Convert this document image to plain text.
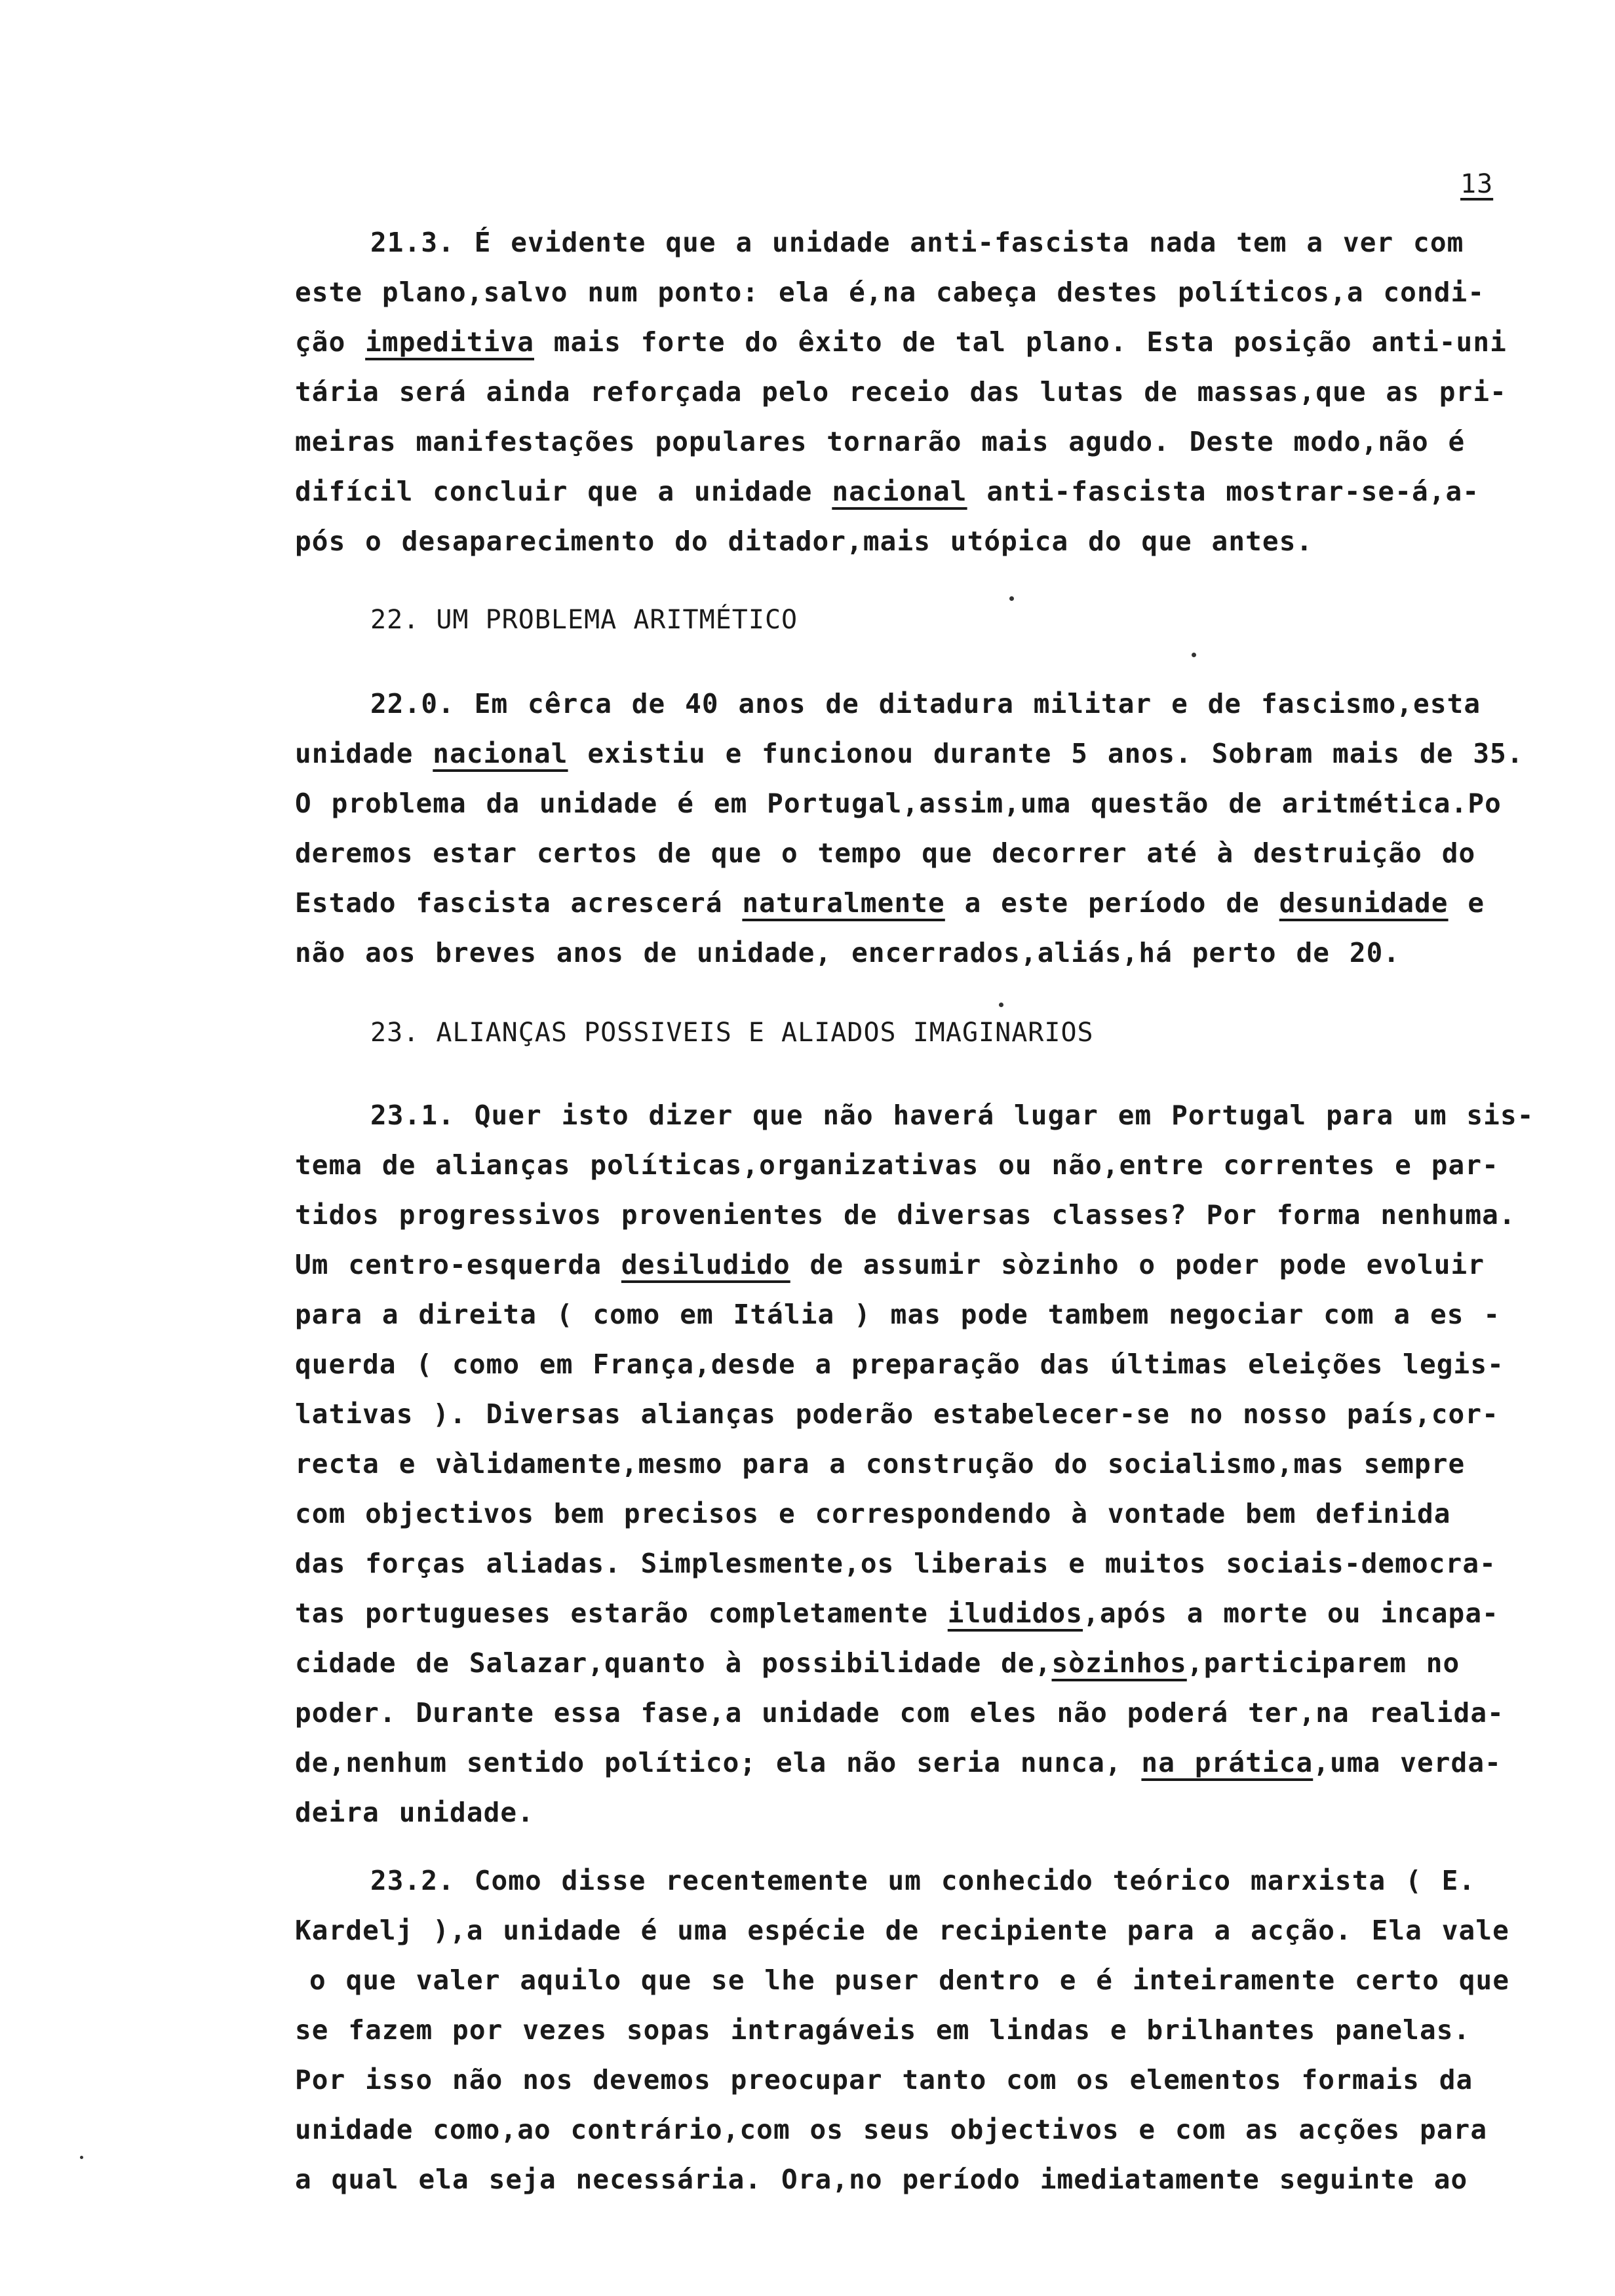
13
21.3. É evidente que a unidade anti-fascista nada tem a ver com
este plano,salvo num ponto: ela é,na cabeça destes políticos,a condi-
ção impeditiva mais forte do êxito de tal plano. Esta posição anti-uni
tária será ainda reforçada pelo receio das lutas de massas,que as pri-
meiras manifestações populares tornarão mais agudo. Deste modo,não é
difícil concluir que a unidade nacional anti-fascista mostrar-se-á,a-
pós o desaparecimento do ditador,mais utópica do que antes.
22. UM PROBLEMA ARITMÉTICO
22.0. Em cêrca de 40 anos de ditadura militar e de fascismo,esta
unidade nacional existiu e funcionou durante 5 anos. Sobram mais de 35.
O problema da unidade é em Portugal,assim,uma questão de aritmética.Po
deremos estar certos de que o tempo que decorrer até à destruição do
Estado fascista acrescerá naturalmente a este período de desunidade e
não aos breves anos de unidade, encerrados,aliás,há perto de 20.
23. ALIANÇAS POSSIVEIS E ALIADOS IMAGINARIOS
23.1. Quer isto dizer que não haverá lugar em Portugal para um sis-
tema de alianças políticas,organizativas ou não,entre correntes e par-
tidos progressivos provenientes de diversas classes? Por forma nenhuma.
Um centro-esquerda desiludido de assumir sòzinho o poder pode evoluir
para a direita ( como em Itália ) mas pode tambem negociar com a es -
querda ( como em França,desde a preparação das últimas eleições legis-
lativas ). Diversas alianças poderão estabelecer-se no nosso país,cor-
recta e vàlidamente,mesmo para a construção do socialismo,mas sempre
com objectivos bem precisos e correspondendo à vontade bem definida
das forças aliadas. Simplesmente,os liberais e muitos sociais-democra-
tas portugueses estarão completamente iludidos,após a morte ou incapa-
cidade de Salazar,quanto à possibilidade de,sòzinhos,participarem no
poder. Durante essa fase,a unidade com eles não poderá ter,na realida-
de,nenhum sentido político; ela não seria nunca, na prática,uma verda-
deira unidade.
23.2. Como disse recentemente um conhecido teórico marxista ( E.
Kardelj ),a unidade é uma espécie de recipiente para a acção. Ela vale
o que valer aquilo que se lhe puser dentro e é inteiramente certo que
se fazem por vezes sopas intragáveis em lindas e brilhantes panelas.
Por isso não nos devemos preocupar tanto com os elementos formais da
unidade como,ao contrário,com os seus objectivos e com as acções para
a qual ela seja necessária. Ora,no período imediatamente seguinte ao
